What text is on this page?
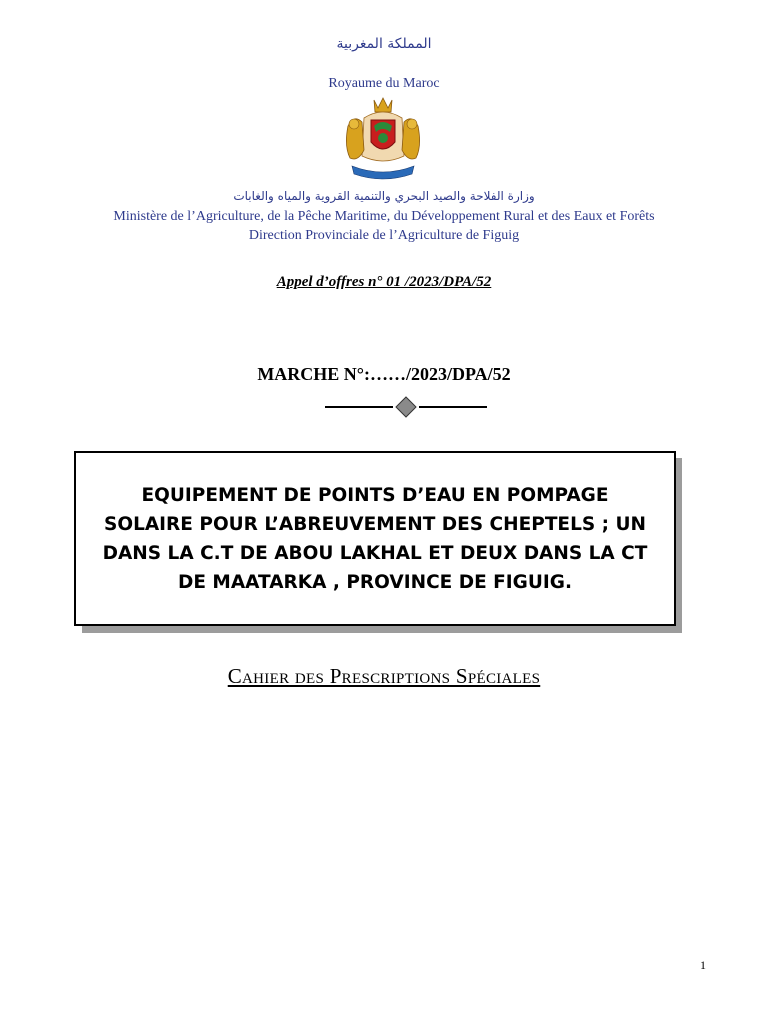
المملكة المغربية
Royaume du Maroc
وزارة الفلاحة والصيد البحري والتنمية القروية والمياه والغابات
Ministère de l’Agriculture, de la Pêche Maritime, du Développement Rural et des Eaux et Forêts
Direction Provinciale de l’Agriculture de Figuig
Appel d’offres n° 01 /2023/DPA/52
MARCHE N°:……/2023/DPA/52
EQUIPEMENT DE POINTS D’EAU EN POMPAGE SOLAIRE POUR L’ABREUVEMENT DES CHEPTELS ; UN DANS LA C.T DE ABOU LAKHAL ET DEUX DANS LA CT DE MAATARKA , PROVINCE DE FIGUIG.
Cahier des Prescriptions Spéciales
1
